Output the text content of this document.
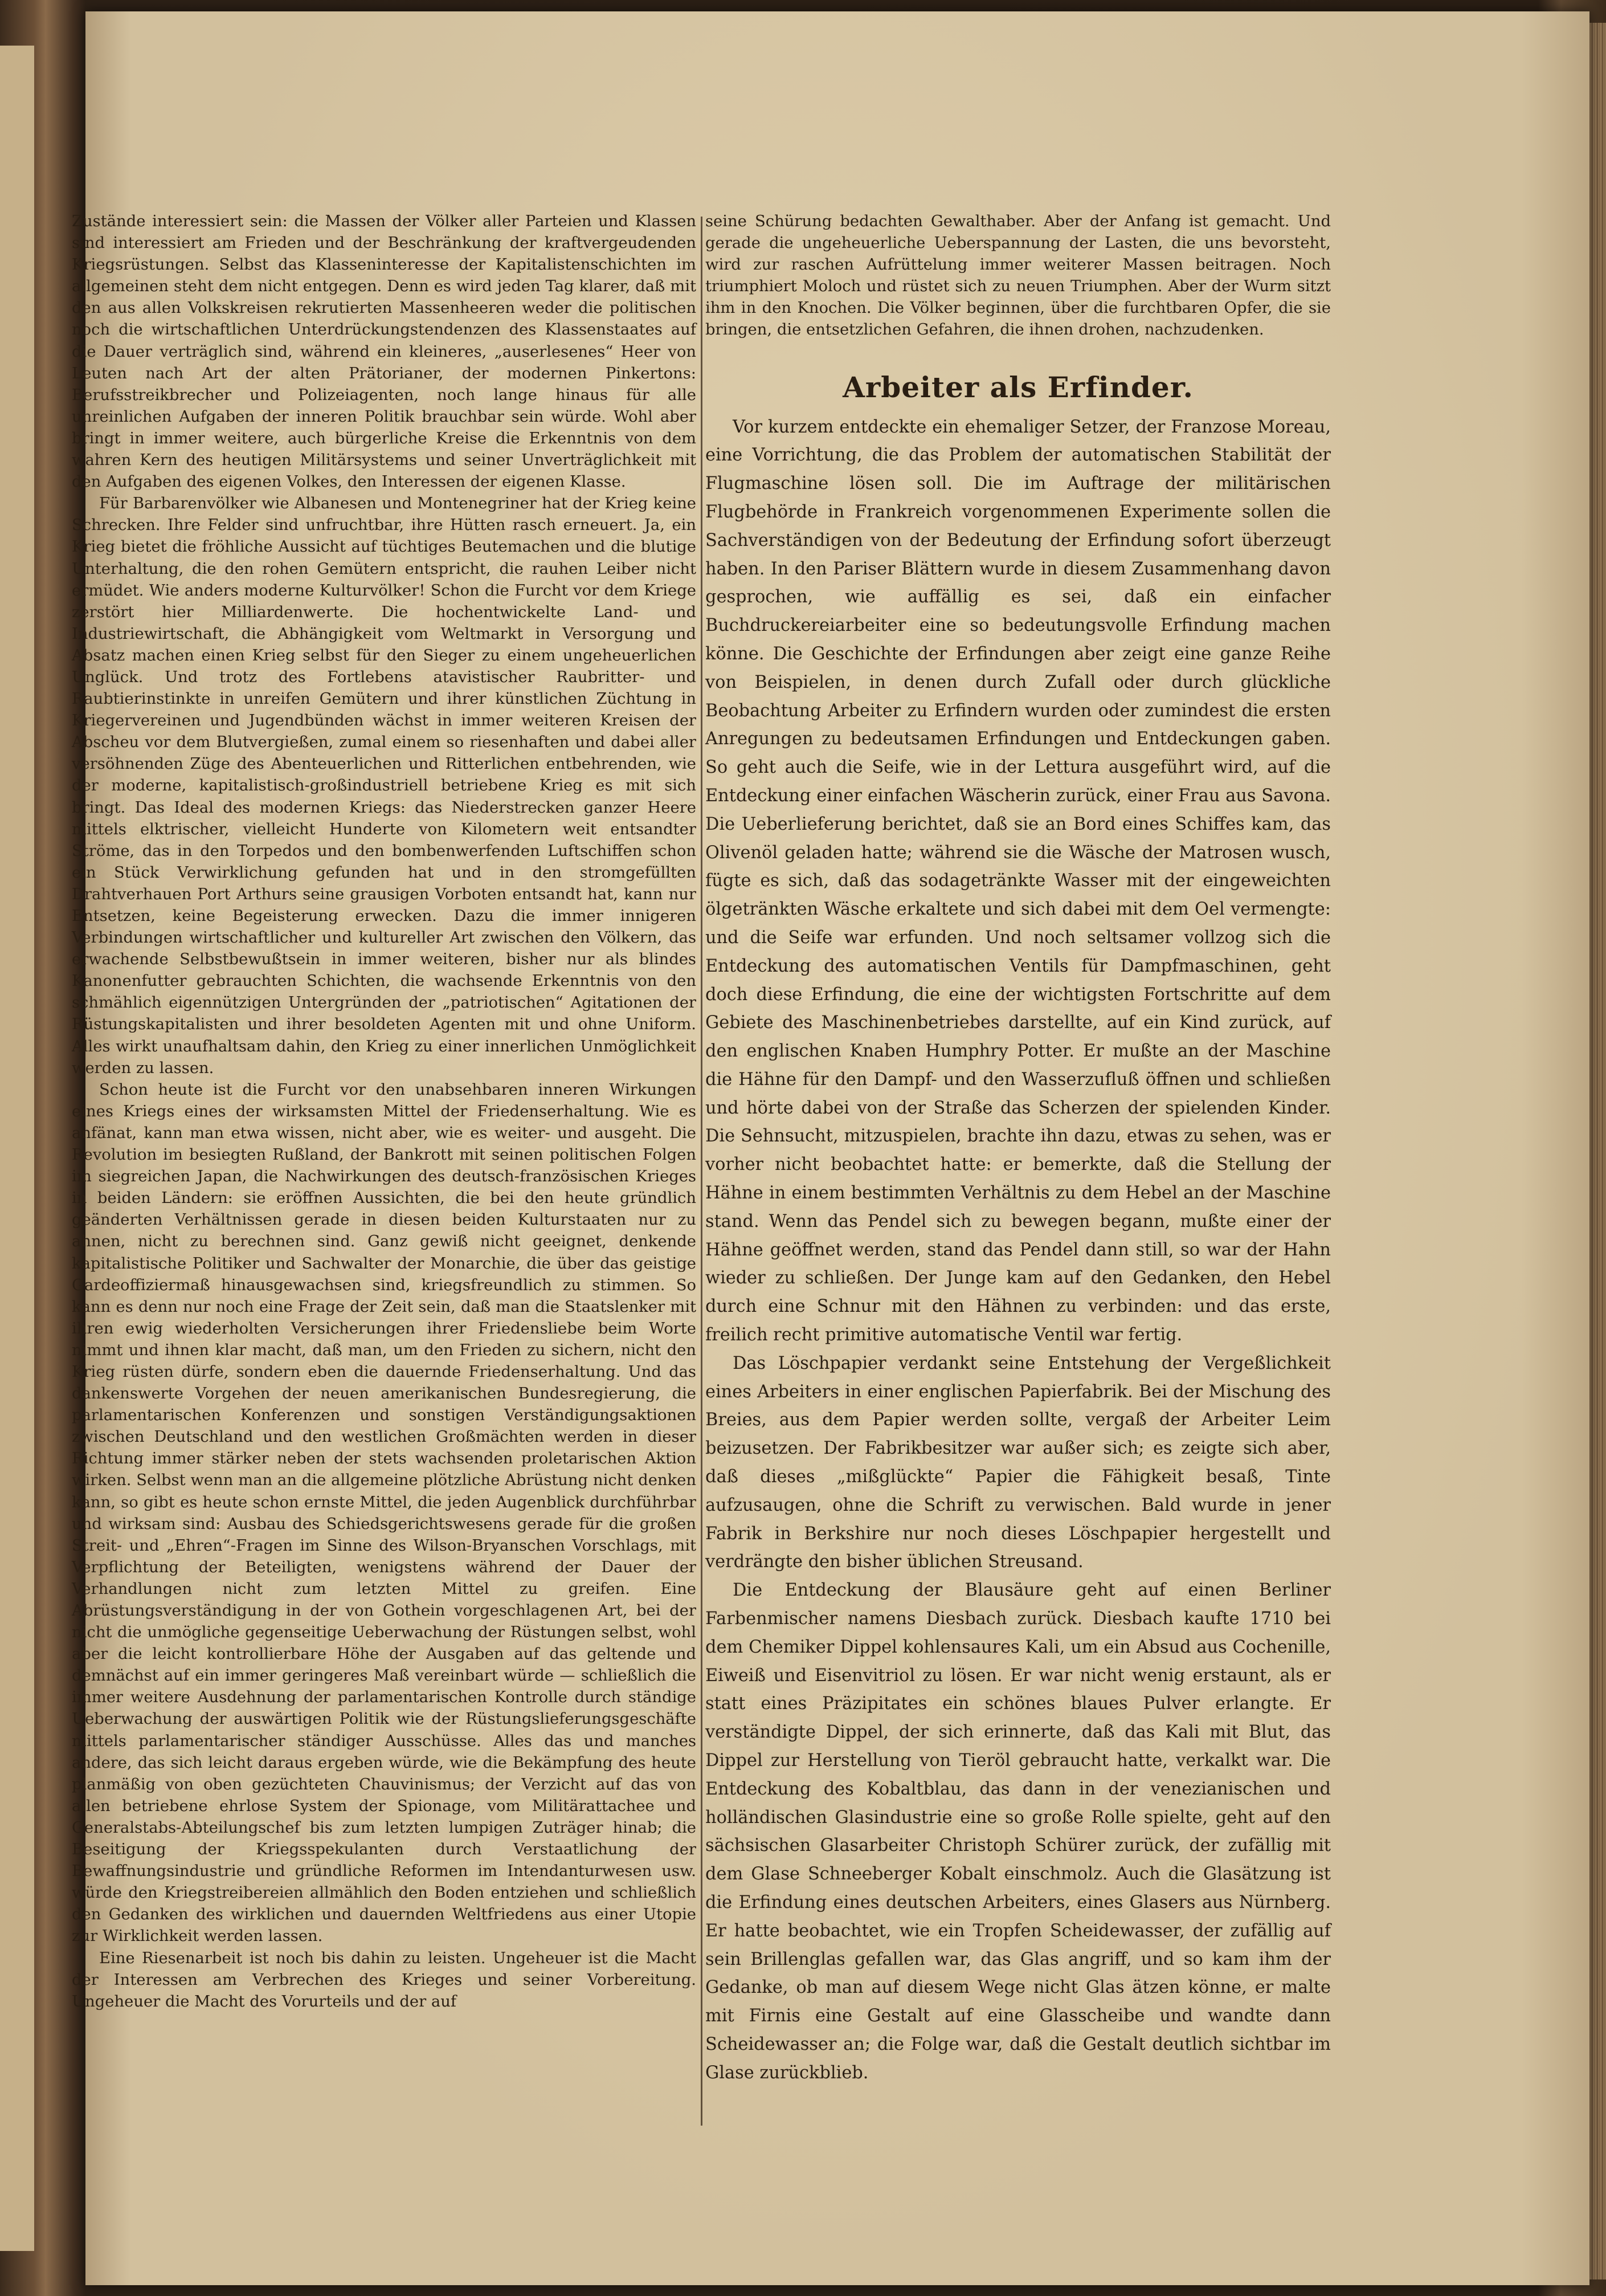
Zustände interessiert sein: die Massen der Völker aller Parteien und Klassen sind interessiert am Frieden und der Beschränkung der kraftvergeudenden Kriegsrüstungen. Selbst das Klasseninteresse der Kapitalistenschichten im allgemeinen steht dem nicht entgegen. Denn es wird jeden Tag klarer, daß mit den aus allen Volkskreisen rekrutierten Massenheeren weder die politischen noch die wirtschaftlichen Unterdrückungstendenzen des Klassenstaates auf die Dauer verträglich sind, während ein kleineres, „auserlesenes“ Heer von Leuten nach Art der alten Prätorianer, der modernen Pinkertons: Berufsstreikbrecher und Polizeiagenten, noch lange hinaus für alle unreinlichen Aufgaben der inneren Politik brauchbar sein würde. Wohl aber bringt in immer weitere, auch bürgerliche Kreise die Erkenntnis von dem wahren Kern des heutigen Militärsystems und seiner Unverträglichkeit mit den Aufgaben des eigenen Volkes, den Interessen der eigenen Klasse.

Für Barbarenvölker wie Albanesen und Montenegriner hat der Krieg keine Schrecken. Ihre Felder sind unfruchtbar, ihre Hütten rasch erneuert. Ja, ein Krieg bietet die fröhliche Aussicht auf tüchtiges Beutemachen und die blutige Unterhaltung, die den rohen Gemütern entspricht, die rauhen Leiber nicht ermüdet. Wie anders moderne Kulturvölker! Schon die Furcht vor dem Kriege zerstört hier Milliardenwerte. Die hochentwickelte Land- und Industriewirtschaft, die Abhängigkeit vom Weltmarkt in Versorgung und Absatz machen einen Krieg selbst für den Sieger zu einem ungeheuerlichen Unglück. Und trotz des Fortlebens atavistischer Raubritter- und Raubtierinstinkte in unreifen Gemütern und ihrer künstlichen Züchtung in Kriegervereinen und Jugendbünden wächst in immer weiteren Kreisen der Abscheu vor dem Blutvergießen, zumal einem so riesenhaften und dabei aller versöhnenden Züge des Abenteuerlichen und Ritterlichen entbehrenden, wie der moderne, kapitalistisch-großindustriell betriebene Krieg es mit sich bringt. Das Ideal des modernen Kriegs: das Niederstrecken ganzer Heere mittels elktrischer, vielleicht Hunderte von Kilometern weit entsandter Ströme, das in den Torpedos und den bombenwerfenden Luftschiffen schon ein Stück Verwirklichung gefunden hat und in den stromgefüllten Drahtverhauen Port Arthurs seine grausigen Vorboten entsandt hat, kann nur Entsetzen, keine Begeisterung erwecken. Dazu die immer innigeren Verbindungen wirtschaftlicher und kultureller Art zwischen den Völkern, das erwachende Selbstbewußtsein in immer weiteren, bisher nur als blindes Kanonenfutter gebrauchten Schichten, die wachsende Erkenntnis von den schmählich eigennützigen Untergründen der „patriotischen“ Agitationen der Rüstungskapitalisten und ihrer besoldeten Agenten mit und ohne Uniform. Alles wirkt unaufhaltsam dahin, den Krieg zu einer innerlichen Unmöglichkeit werden zu lassen.

Schon heute ist die Furcht vor den unabsehbaren inneren Wirkungen eines Kriegs eines der wirksamsten Mittel der Friedenserhaltung. Wie es anfänat, kann man etwa wissen, nicht aber, wie es weiter- und ausgeht. Die Revolution im besiegten Rußland, der Bankrott mit seinen politischen Folgen im siegreichen Japan, die Nachwirkungen des deutsch-französischen Krieges in beiden Ländern: sie eröffnen Aussichten, die bei den heute gründlich geänderten Verhältnissen gerade in diesen beiden Kulturstaaten nur zu ahnen, nicht zu berechnen sind. Ganz gewiß nicht geeignet, denkende kapitalistische Politiker und Sachwalter der Monarchie, die über das geistige Gardeoffiziermaß hinausgewachsen sind, kriegsfreundlich zu stimmen. So kann es denn nur noch eine Frage der Zeit sein, daß man die Staatslenker mit ihren ewig wiederholten Versicherungen ihrer Friedensliebe beim Worte nimmt und ihnen klar macht, daß man, um den Frieden zu sichern, nicht den Krieg rüsten dürfe, sondern eben die dauernde Friedenserhaltung. Und das dankenswerte Vorgehen der neuen amerikanischen Bundesregierung, die parlamentarischen Konferenzen und sonstigen Verständigungsaktionen zwischen Deutschland und den westlichen Großmächten werden in dieser Richtung immer stärker neben der stets wachsenden proletarischen Aktion wirken. Selbst wenn man an die allgemeine plötzliche Abrüstung nicht denken kann, so gibt es heute schon ernste Mittel, die jeden Augenblick durchführbar und wirksam sind: Ausbau des Schiedsgerichtswesens gerade für die großen Streit- und „Ehren“-Fragen im Sinne des Wilson-Bryanschen Vorschlags, mit Verpflichtung der Beteiligten, wenigstens während der Dauer der Verhandlungen nicht zum letzten Mittel zu greifen. Eine Abrüstungsverständigung in der von Gothein vorgeschlagenen Art, bei der nicht die unmögliche gegenseitige Ueberwachung der Rüstungen selbst, wohl aber die leicht kontrollierbare Höhe der Ausgaben auf das geltende und demnächst auf ein immer geringeres Maß vereinbart würde — schließlich die immer weitere Ausdehnung der parlamentarischen Kontrolle durch ständige Ueberwachung der auswärtigen Politik wie der Rüstungslieferungsgeschäfte mittels parlamentarischer ständiger Ausschüsse. Alles das und manches andere, das sich leicht daraus ergeben würde, wie die Bekämpfung des heute planmäßig von oben gezüchteten Chauvinismus; der Verzicht auf das von allen betriebene ehrlose System der Spionage, vom Militärattachee und Generalstabs-Abteilungschef bis zum letzten lumpigen Zuträger hinab; die Beseitigung der Kriegsspekulanten durch Verstaatlichung der Bewaffnungsindustrie und gründliche Reformen im Intendanturwesen usw. würde den Kriegstreibereien allmählich den Boden entziehen und schließlich den Gedanken des wirklichen und dauernden Weltfriedens aus einer Utopie zur Wirklichkeit werden lassen.

Eine Riesenarbeit ist noch bis dahin zu leisten. Ungeheuer ist die Macht der Interessen am Verbrechen des Krieges und seiner Vorbereitung. Ungeheuer die Macht des Vorurteils und der auf

seine Schürung bedachten Gewalthaber. Aber der Anfang ist gemacht. Und gerade die ungeheuerliche Ueberspannung der Lasten, die uns bevorsteht, wird zur raschen Aufrüttelung immer weiterer Massen beitragen. Noch triumphiert Moloch und rüstet sich zu neuen Triumphen. Aber der Wurm sitzt ihm in den Knochen. Die Völker beginnen, über die furchtbaren Opfer, die sie bringen, die entsetzlichen Gefahren, die ihnen drohen, nachzudenken.

Arbeiter als Erfinder.

Vor kurzem entdeckte ein ehemaliger Setzer, der Franzose Moreau, eine Vorrichtung, die das Problem der automatischen Stabilität der Flugmaschine lösen soll. Die im Auftrage der militärischen Flugbehörde in Frankreich vorgenommenen Experimente sollen die Sachverständigen von der Bedeutung der Erfindung sofort überzeugt haben. In den Pariser Blättern wurde in diesem Zusammenhang davon gesprochen, wie auffällig es sei, daß ein einfacher Buchdruckereiarbeiter eine so bedeutungsvolle Erfindung machen könne. Die Geschichte der Erfindungen aber zeigt eine ganze Reihe von Beispielen, in denen durch Zufall oder durch glückliche Beobachtung Arbeiter zu Erfindern wurden oder zumindest die ersten Anregungen zu bedeutsamen Erfindungen und Entdeckungen gaben. So geht auch die Seife, wie in der Lettura ausgeführt wird, auf die Entdeckung einer einfachen Wäscherin zurück, einer Frau aus Savona. Die Ueberlieferung berichtet, daß sie an Bord eines Schiffes kam, das Olivenöl geladen hatte; während sie die Wäsche der Matrosen wusch, fügte es sich, daß das sodagetränkte Wasser mit der eingeweichten ölgetränkten Wäsche erkaltete und sich dabei mit dem Oel vermengte: und die Seife war erfunden. Und noch seltsamer vollzog sich die Entdeckung des automatischen Ventils für Dampfmaschinen, geht doch diese Erfindung, die eine der wichtigsten Fortschritte auf dem Gebiete des Maschinenbetriebes darstellte, auf ein Kind zurück, auf den englischen Knaben Humphry Potter. Er mußte an der Maschine die Hähne für den Dampf- und den Wasserzufluß öffnen und schließen und hörte dabei von der Straße das Scherzen der spielenden Kinder. Die Sehnsucht, mitzuspielen, brachte ihn dazu, etwas zu sehen, was er vorher nicht beobachtet hatte: er bemerkte, daß die Stellung der Hähne in einem bestimmten Verhältnis zu dem Hebel an der Maschine stand. Wenn das Pendel sich zu bewegen begann, mußte einer der Hähne geöffnet werden, stand das Pendel dann still, so war der Hahn wieder zu schließen. Der Junge kam auf den Gedanken, den Hebel durch eine Schnur mit den Hähnen zu verbinden: und das erste, freilich recht primitive automatische Ventil war fertig.

Das Löschpapier verdankt seine Entstehung der Vergeßlichkeit eines Arbeiters in einer englischen Papierfabrik. Bei der Mischung des Breies, aus dem Papier werden sollte, vergaß der Arbeiter Leim beizusetzen. Der Fabrikbesitzer war außer sich; es zeigte sich aber, daß dieses „mißglückte“ Papier die Fähigkeit besaß, Tinte aufzusaugen, ohne die Schrift zu verwischen. Bald wurde in jener Fabrik in Berkshire nur noch dieses Löschpapier hergestellt und verdrängte den bisher üblichen Streusand.

Die Entdeckung der Blausäure geht auf einen Berliner Farbenmischer namens Diesbach zurück. Diesbach kaufte 1710 bei dem Chemiker Dippel kohlensaures Kali, um ein Absud aus Cochenille, Eiweiß und Eisenvitriol zu lösen. Er war nicht wenig erstaunt, als er statt eines Präzipitates ein schönes blaues Pulver erlangte. Er verständigte Dippel, der sich erinnerte, daß das Kali mit Blut, das Dippel zur Herstellung von Tieröl gebraucht hatte, verkalkt war. Die Entdeckung des Kobaltblau, das dann in der venezianischen und holländischen Glasindustrie eine so große Rolle spielte, geht auf den sächsischen Glasarbeiter Christoph Schürer zurück, der zufällig mit dem Glase Schneeberger Kobalt einschmolz. Auch die Glasätzung ist die Erfindung eines deutschen Arbeiters, eines Glasers aus Nürnberg. Er hatte beobachtet, wie ein Tropfen Scheidewasser, der zufällig auf sein Brillenglas gefallen war, das Glas angriff, und so kam ihm der Gedanke, ob man auf diesem Wege nicht Glas ätzen könne, er malte mit Firnis eine Gestalt auf eine Glasscheibe und wandte dann Scheidewasser an; die Folge war, daß die Gestalt deutlich sichtbar im Glase zurückblieb.
